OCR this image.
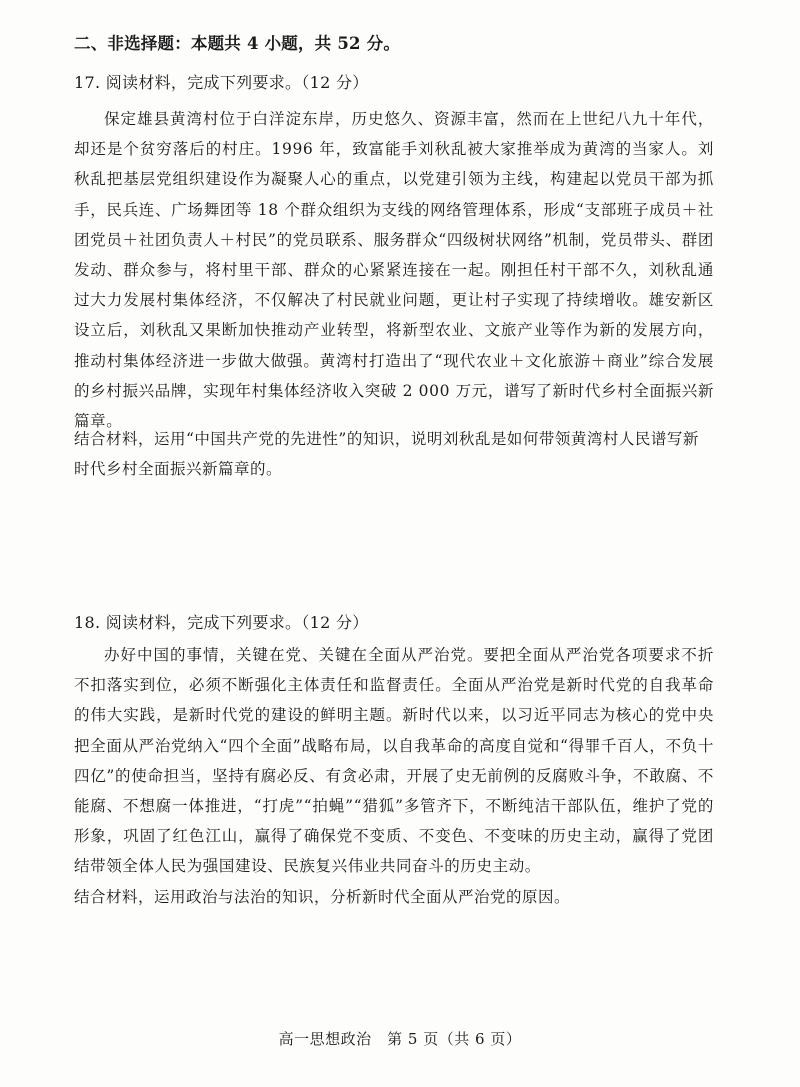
二、非选择题：本题共 4 小题，共 52 分。
17. 阅读材料，完成下列要求。（12 分）

保定雄县黄湾村位于白洋淀东岸，历史悠久、资源丰富，然而在上世纪八九十年代，却还是个贫穷落后的村庄。1996 年，致富能手刘秋乱被大家推举成为黄湾的当家人。刘秋乱把基层党组织建设作为凝聚人心的重点，以党建引领为主线，构建起以党员干部为抓手，民兵连、广场舞团等 18 个群众组织为支线的网络管理体系，形成“支部班子成员＋社团党员＋社团负责人＋村民”的党员联系、服务群众“四级树状网络”机制，党员带头、群团发动、群众参与，将村里干部、群众的心紧紧连接在一起。刚担任村干部不久，刘秋乱通过大力发展村集体经济，不仅解决了村民就业问题，更让村子实现了持续增收。雄安新区设立后，刘秋乱又果断加快推动产业转型，将新型农业、文旅产业等作为新的发展方向，推动村集体经济进一步做大做强。黄湾村打造出了“现代农业＋文化旅游＋商业”综合发展的乡村振兴品牌，实现年村集体经济收入突破 2 000 万元，谱写了新时代乡村全面振兴新篇章。

结合材料，运用“中国共产党的先进性”的知识，说明刘秋乱是如何带领黄湾村人民谱写新时代乡村全面振兴新篇章的。

18. 阅读材料，完成下列要求。（12 分）

办好中国的事情，关键在党、关键在全面从严治党。要把全面从严治党各项要求不折不扣落实到位，必须不断强化主体责任和监督责任。全面从严治党是新时代党的自我革命的伟大实践，是新时代党的建设的鲜明主题。新时代以来，以习近平同志为核心的党中央把全面从严治党纳入“四个全面”战略布局，以自我革命的高度自觉和“得罪千百人，不负十四亿”的使命担当，坚持有腐必反、有贪必肃，开展了史无前例的反腐败斗争，不敢腐、不能腐、不想腐一体推进，“打虎”“拍蝇”“猎狐”多管齐下，不断纯洁干部队伍，维护了党的形象，巩固了红色江山，赢得了确保党不变质、不变色、不变味的历史主动，赢得了党团结带领全体人民为强国建设、民族复兴伟业共同奋斗的历史主动。

结合材料，运用政治与法治的知识，分析新时代全面从严治党的原因。

高一思想政治　第 5 页（共 6 页）
